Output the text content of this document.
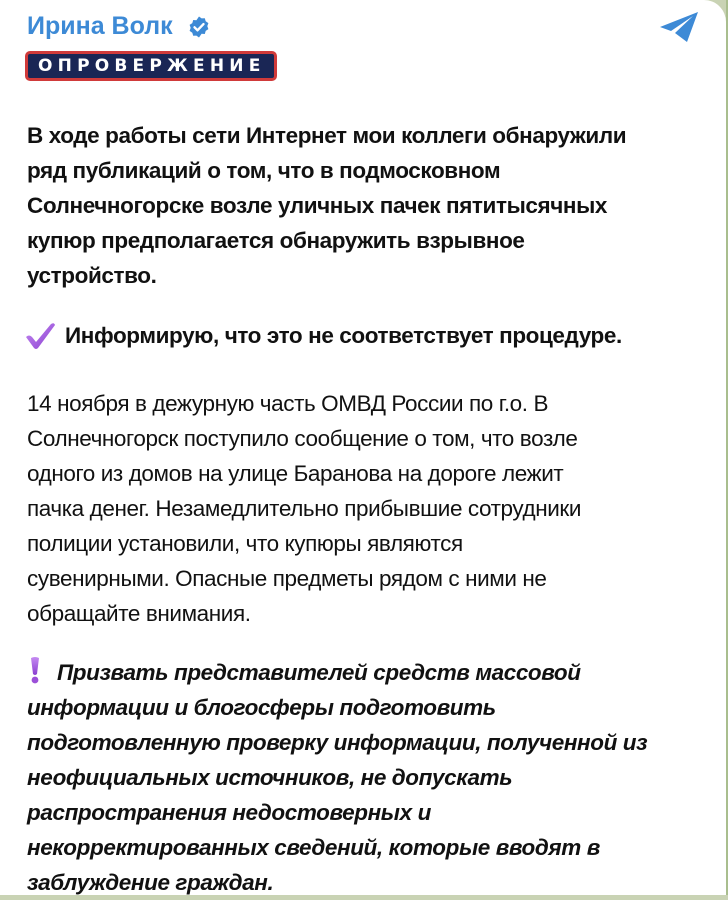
Ирина Волк
ОПРОВЕРЖЕНИЕ
В ходе работы сети Интернет мои коллеги обнаружили
ряд публикаций о том, что в подмосковном
Солнечногорске возле уличных пачек пятитысячных
купюр предполагается обнаружить взрывное
устройство.
Информирую, что это не соответствует процедуре.
14 ноября в дежурную часть ОМВД России по г.о. В
Солнечногорск поступило сообщение о том, что возле
одного из домов на улице Баранова на дороге лежит
пачка денег. Незамедлительно прибывшие сотрудники
полиции установили, что купюры являются
сувенирными. Опасные предметы рядом с ними не
обращайте внимания.
Призвать представителей средств массовой
информации и блогосферы подготовить
подготовленную проверку информации, полученной из
неофициальных источников, не допускать
распространения недостоверных и
некорректированных сведений, которые вводят в
заблуждение граждан.
